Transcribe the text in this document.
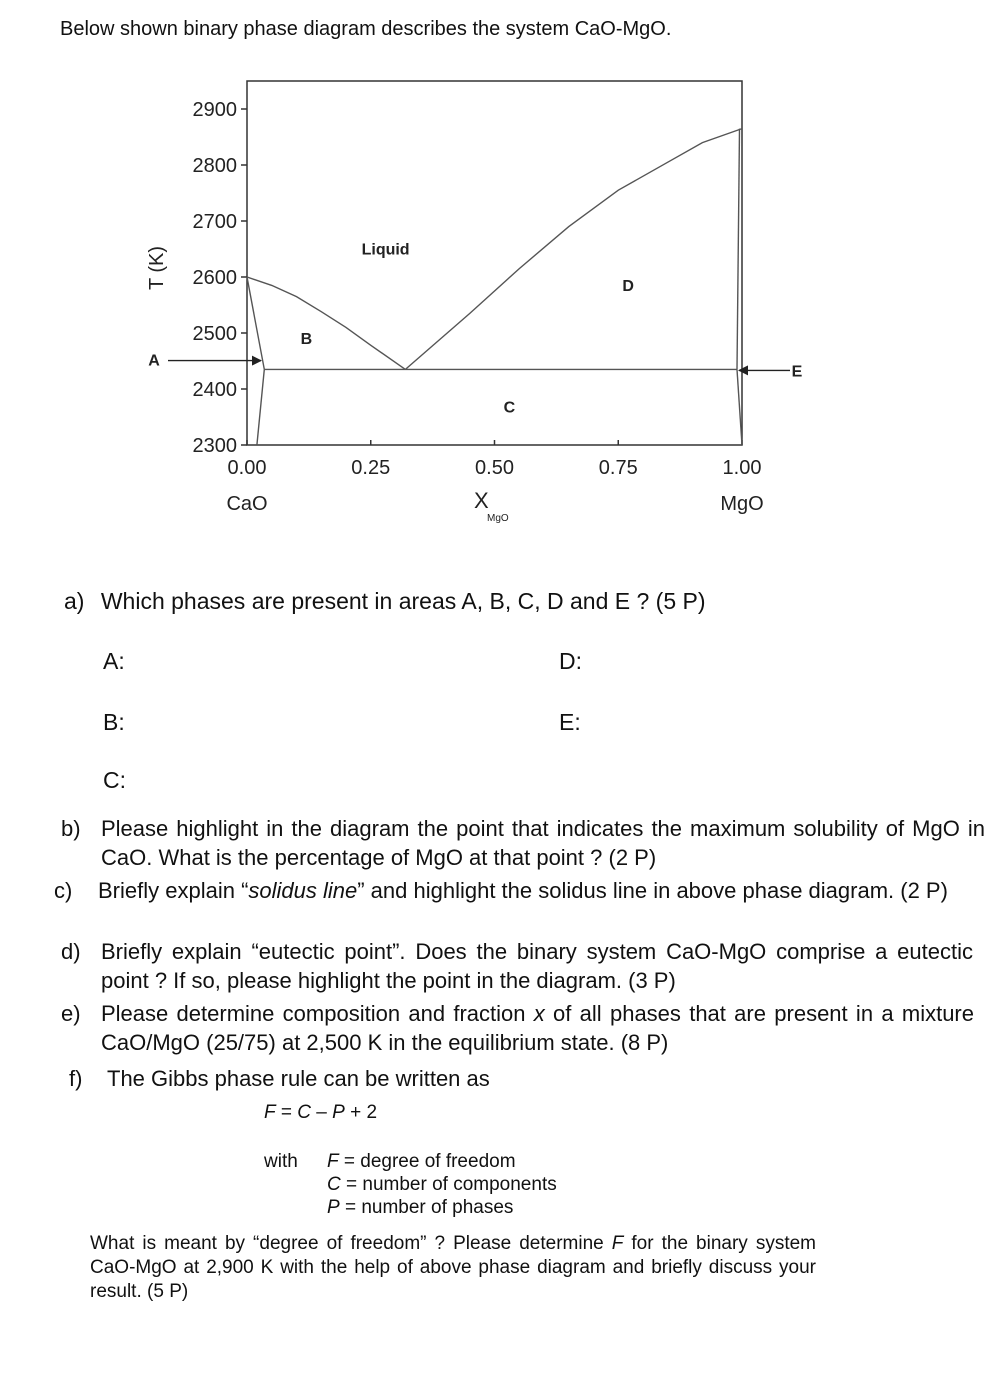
Below shown binary phase diagram describes the system CaO-MgO.
2300
2400
2500
2600
2700
2800
2900
0.00	0.25	0.50	0.75	1.00
Liquid
B
C
D
A
E
T (K)
X
MgO
CaO	MgO
a) Which phases are present in areas A, B, C, D and E ? (5 P)
A:
B:
C:
D:
E:
b) Please highlight in the diagram the point that indicates the maximum solubility of MgO in CaO. What is the percentage of MgO at that point ? (2 P)
c) Briefly explain “solidus line” and highlight the solidus line in above phase diagram. (2 P)
d) Briefly explain “eutectic point”. Does the binary system CaO-MgO comprise a eutectic point ? If so, please highlight the point in the diagram. (3 P)
e) Please determine composition and fraction x of all phases that are present in a mixture CaO/MgO (25/75) at 2,500 K in the equilibrium state. (8 P)
f) The Gibbs phase rule can be written as
F = C – P + 2
with F = degree of freedom
C = number of components
P = number of phases
What is meant by “degree of freedom” ? Please determine F for the binary system CaO-MgO at 2,900 K with the help of above phase diagram and briefly discuss your result. (5 P)
